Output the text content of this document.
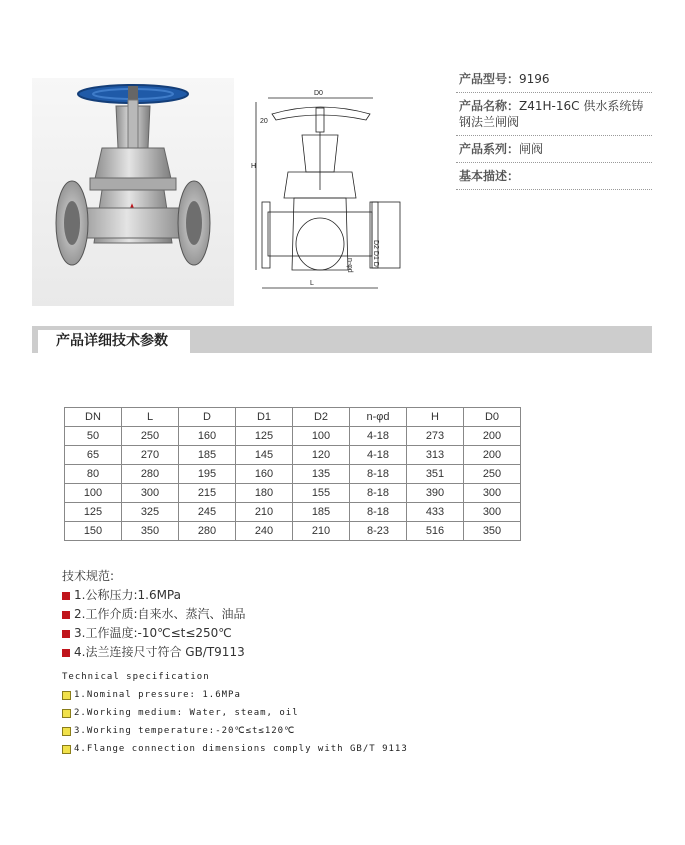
D0
20
D2 D1 D
n-φd
H
L
产品型号：9196
产品名称：Z41H-16C 供水系统铸钢法兰闸阀
产品系列：闸阀
基本描述：
产品详细技术参数
DN	L	D	D1	D2	n-φd	H	D0
50	250	160	125	100	4-18	273	200
65	270	185	145	120	4-18	313	200
80	280	195	160	135	8-18	351	250
100	300	215	180	155	8-18	390	300
125	325	245	210	185	8-18	433	300
150	350	280	240	210	8-23	516	350
技术规范:
1.公称压力:1.6MPa
2.工作介质:自来水、蒸汽、油品
3.工作温度:-10℃≤t≤250℃
4.法兰连接尺寸符合 GB/T9113
Technical specification
1.Nominal pressure: 1.6MPa
2.Working medium: Water, steam, oil
3.Working temperature:-20℃≤t≤120℃
4.Flange connection dimensions comply with GB/T 9113
